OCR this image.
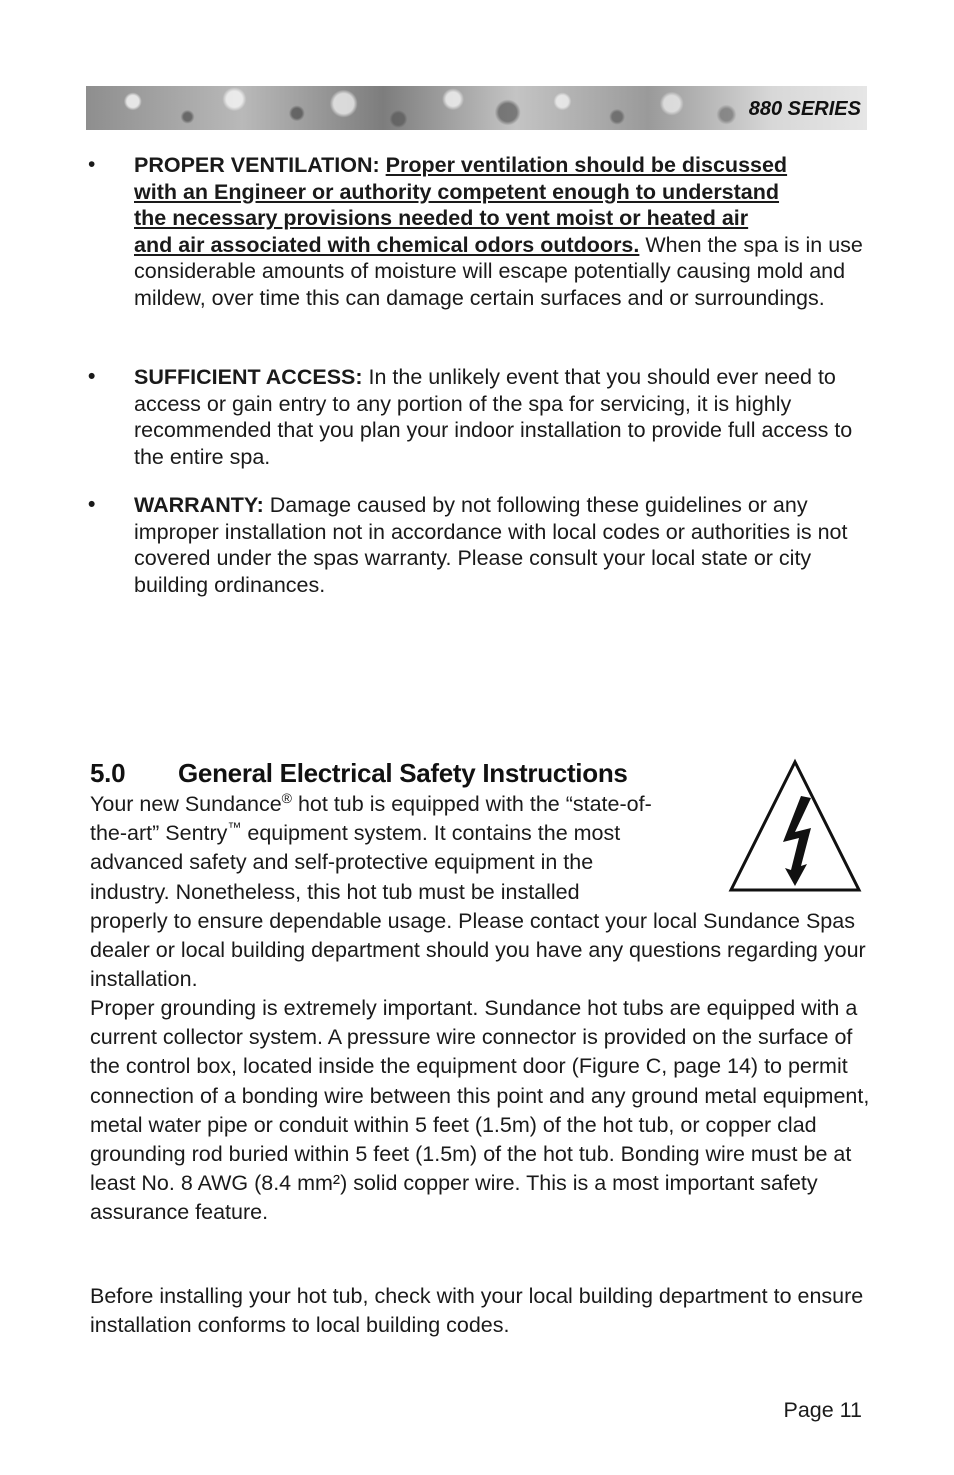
880 SERIES

• PROPER VENTILATION: Proper ventilation should be discussed
with an Engineer or authority competent enough to understand
the necessary provisions needed to vent moist or heated air
and air associated with chemical odors outdoors. When the spa is in use considerable amounts of moisture will escape potentially causing mold and mildew, over time this can damage certain surfaces and or surroundings.

• SUFFICIENT ACCESS: In the unlikely event that you should ever need to access or gain entry to any portion of the spa for servicing, it is highly recommended that you plan your indoor installation to provide full access to the entire spa.

• WARRANTY: Damage caused by not following these guidelines or any improper installation not in accordance with local codes or authorities is not covered under the spas warranty. Please consult your local state or city building ordinances.

5.0 General Electrical Safety Instructions

Your new Sundance® hot tub is equipped with the “state-of-
the-art” Sentry™ equipment system. It contains the most
advanced safety and self-protective equipment in the
industry. Nonetheless, this hot tub must be installed
properly to ensure dependable usage. Please contact your local Sundance Spas dealer or local building department should you have any questions regarding your installation.

Proper grounding is extremely important. Sundance hot tubs are equipped with a current collector system. A pressure wire connector is provided on the surface of the control box, located inside the equipment door (Figure C, page 14) to permit connection of a bonding wire between this point and any ground metal equipment, metal water pipe or conduit within 5 feet (1.5m) of the hot tub, or copper clad grounding rod buried within 5 feet (1.5m) of the hot tub. Bonding wire must be at least No. 8 AWG (8.4 mm²) solid copper wire. This is a most important safety assurance feature.

Before installing your hot tub, check with your local building department to ensure installation conforms to local building codes.

Page 11
